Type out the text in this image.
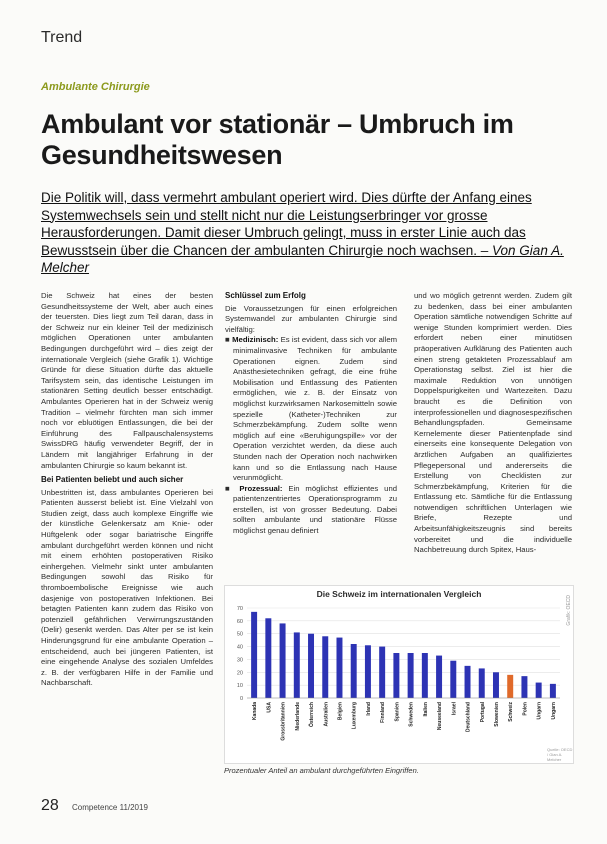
Trend
Ambulante Chirurgie
Ambulant vor stationär – Umbruch im Gesundheitswesen
Die Politik will, dass vermehrt ambulant operiert wird. Dies dürfte der Anfang eines Systemwechsels sein und stellt nicht nur die Leistungserbringer vor grosse Herausforderungen. Damit dieser Umbruch gelingt, muss in erster Linie auch das Bewusstsein über die Chancen der ambulanten Chirurgie noch wachsen. – Von Gian A. Melcher

Die Schweiz hat eines der besten Gesundheitssysteme der Welt, aber auch eines der teuersten. Dies liegt zum Teil daran, dass in der Schweiz nur ein kleiner Teil der medizinisch möglichen Operationen unter ambulanten Bedingungen durchgeführt wird – dies zeigt der internationale Vergleich (siehe Grafik 1). Wichtige Gründe für diese Situation dürfte das aktuelle Tarifsystem sein, das identische Leistungen im stationären Setting deutlich besser entschädigt. Ambulantes Operieren hat in der Schweiz wenig Tradition – vielmehr fürchten man sich immer noch vor ebluötigen Entlassungen, die bei der Einführung des Fallpauschalensystems SwissDRG häufig verwendeter Begriff, der in Ländern mit langjähriger Erfahrung in der ambulanten Chirurgie so kaum bekannt ist.

Bei Patienten beliebt und auch sicher

Unbestritten ist, dass ambulantes Operieren bei Patienten äusserst beliebt ist. Eine Vielzahl von Studien zeigt, dass auch komplexe Eingriffe wie der künstliche Gelenkersatz am Knie- oder Hüftgelenk oder sogar bariatrische Eingriffe ambulant durchgeführt werden können und nicht mit einem erhöhten postoperativen Risiko einhergehen. Vielmehr sinkt unter ambulanten Bedingungen sowohl das Risiko für thromboembolische Ereignisse wie auch dasjenige von postoperativen Infektionen. Bei betagten Patienten kann zudem das Risiko von potenziell gefährlichen Verwirrungszuständen (Delir) gesenkt werden. Das Alter per se ist kein Hinderungsgrund für eine ambulante Operation – entscheidend, auch bei jüngeren Patienten, ist eine eingehende Analyse des sozialen Umfeldes z. B. der verfügbaren Hilfe in der Familie und Nachbarschaft.

Schlüssel zum Erfolg

Die Voraussetzungen für einen erfolgreichen Systemwandel zur ambulanten Chirurgie sind vielfältig:

■ Medizinisch: Es ist evident, dass sich vor allem minimalinvasive Techniken für ambulante Operationen eignen. Zudem sind Anästhesietechniken gefragt, die eine frühe Mobilisation und Entlassung des Patienten ermöglichen, wie z. B. der Einsatz von möglichst kurzwirksamen Narkosemitteln sowie spezielle (Katheter-)Techniken zur Schmerzbekämpfung. Zudem sollte wenn möglich auf eine «Beruhigungspille» vor der Operation verzichtet werden, da diese auch Stunden nach der Operation noch nachwirken kann und so die Entlassung nach Hause verunmöglicht.

■ Prozessual: Ein möglichst effizientes und patientenzentriertes Operationsprogramm zu erstellen, ist von grosser Bedeutung. Dabei sollten ambulante und stationäre Flüsse möglichst genau definiert

und wo möglich getrennt werden. Zudem gilt zu bedenken, dass bei einer ambulanten Operation sämtliche notwendigen Schritte auf wenige Stunden komprimiert werden. Dies erfordert neben einer minutiösen präoperativen Aufklärung des Patienten auch einen streng getakteten Prozessablauf am Operationstag selbst. Ziel ist hier die maximale Reduktion von unnötigen Doppelspurigkeiten und Wartezeiten. Dazu braucht es die Definition von interprofessionellen und diagnosespezifischen Behandlungspfaden. Gemeinsame Kernelemente dieser Patientenpfade sind einerseits eine konsequente Delegation von ärztlichen Aufgaben an qualifiziertes Pflegepersonal und andererseits die Erstellung von Checklisten zur Schmerzbekämpfung, Kriterien für die Entlassung etc. Sämtliche für die Entlassung notwendigen schriftlichen Unterlagen wie Briefe, Rezepte und Arbeitsunfähigkeitszeugnis sind bereits vorbereitet und die individuelle Nachbetreuung durch Spitex, Haus-

Die Schweiz im internationalen Vergleich
0
10
20
30
40
50
60
70
Kanada USA Grossbritannien Niederlande Österreich Australien Belgien Luxemburg Irland Finnland Spanien Schweden Italien Neuseeland Israel Deutschland Portugal Slowenien Schweiz Polen Ungarn Ungarn
Quelle: OECD / Gian A. Melcher
Grafik: OECD
Prozentualer Anteil an ambulant durchgeführten Eingriffen.
28 Competence 11/2019
